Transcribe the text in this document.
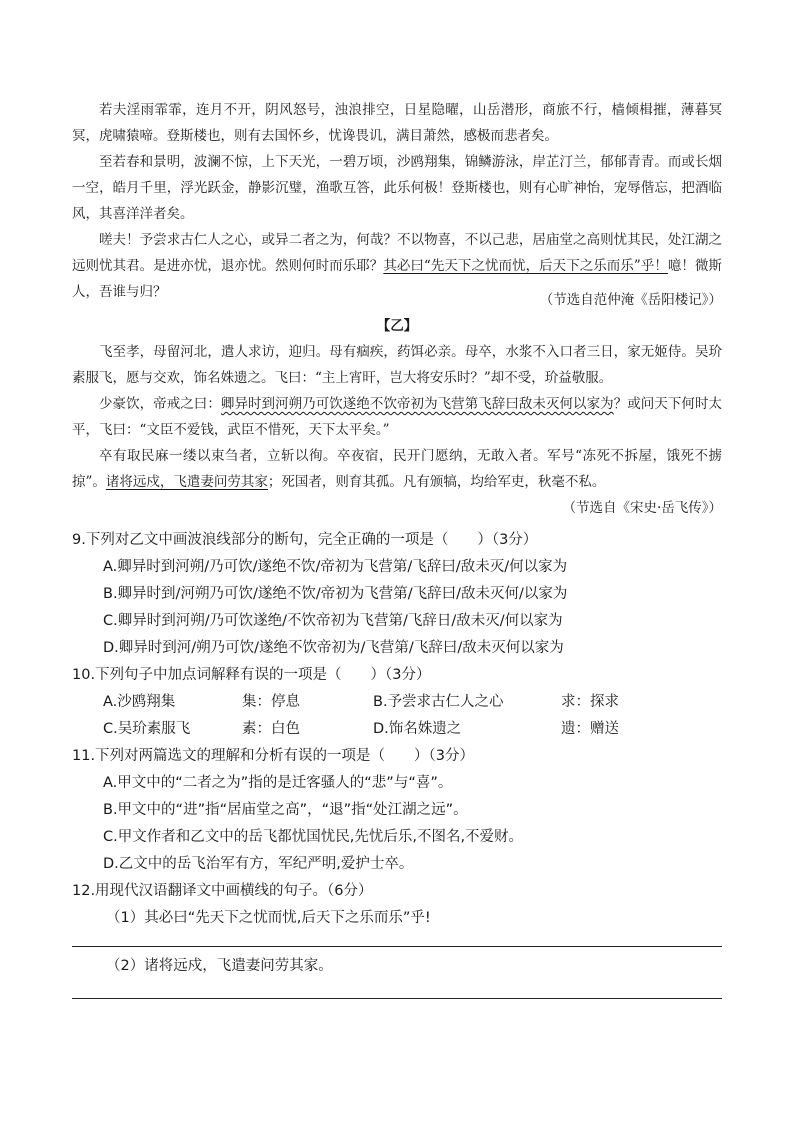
若夫淫雨霏霏，连月不开，阴风怒号，浊浪排空，日星隐曜，山岳潜形，商旅不行，樯倾楫摧，薄暮冥冥，虎啸猿啼。登斯楼也，则有去国怀乡，忧谗畏讥，满目萧然，感极而悲者矣。

至若春和景明，波澜不惊，上下天光，一碧万顷，沙鸥翔集，锦鳞游泳，岸芷汀兰，郁郁青青。而或长烟一空，皓月千里，浮光跃金，静影沉璧，渔歌互答，此乐何极！登斯楼也，则有心旷神怡，宠辱偕忘，把酒临风，其喜洋洋者矣。

嗟夫！予尝求古仁人之心，或异二者之为，何哉？不以物喜，不以己悲，居庙堂之高则忧其民，处江湖之远则忧其君。是进亦忧，退亦忧。然则何时而乐耶？其必曰“先天下之忧而忧，后天下之乐而乐”乎！噫！微斯人，吾谁与归？	（节选自范仲淹《岳阳楼记》）

【乙】

飞至孝，母留河北，遣人求访，迎归。母有痼疾，药饵必亲。母卒，水浆不入口者三日，家无姬侍。吴玠素服飞，愿与交欢，饰名姝遗之。飞曰：“主上宵旰，岂大将安乐时？”却不受，玠益敬服。

少豪饮，帝戒之曰：卿异时到河朔乃可饮遂绝不饮帝初为飞营第飞辞曰敌未灭何以家为？或问天下何时太平，飞曰：“文臣不爱钱，武臣不惜死，天下太平矣。”

卒有取民麻一缕以束刍者，立斩以徇。卒夜宿，民开门愿纳，无敢入者。军号“冻死不拆屋，饿死不掳掠”。诸将远戍，飞遣妻问劳其家；死国者，则育其孤。凡有颁犒，均给军吏，秋毫不私。

（节选自《宋史·岳飞传》）

9.下列对乙文中画波浪线部分的断句，完全正确的一项是（　　）（3分）

A.卿异时到河朔/乃可饮/遂绝不饮/帝初为飞营第/飞辞曰/敌未灭/何以家为

B.卿异时到/河朔乃可饮/遂绝不饮/帝初为飞营第/飞辞曰/敌未灭何/以家为

C.卿异时到河朔/乃可饮遂绝/不饮帝初为飞营第/飞辞日/敌未灭/何以家为

D.卿异时到河/朔乃可饮/遂绝不饮帝初为/飞营第/飞辞曰/敌未灭何以家为

10.下列句子中加点词解释有误的一项是（　　）（3分）

A.沙鸥翔集	集：停息	B.予尝求古仁人之心	求：探求
C.吴玠素服飞	素：白色	D.饰名姝遗之	遗：赠送

11.下列对两篇选文的理解和分析有误的一项是（　　）（3分）

A.甲文中的“二者之为”指的是迁客骚人的“悲”与“喜”。

B.甲文中的“进”指“居庙堂之高”，“退”指“处江湖之远”。

C.甲文作者和乙文中的岳飞都忧国忧民,先忧后乐,不图名,不爱财。

D.乙文中的岳飞治军有方，军纪严明,爱护士卒。

12.用现代汉语翻译文中画横线的句子。（6分）

（1）其必曰“先天下之忧而忧,后天下之乐而乐”乎!

（2）诸将远戍，飞遣妻问劳其家。
